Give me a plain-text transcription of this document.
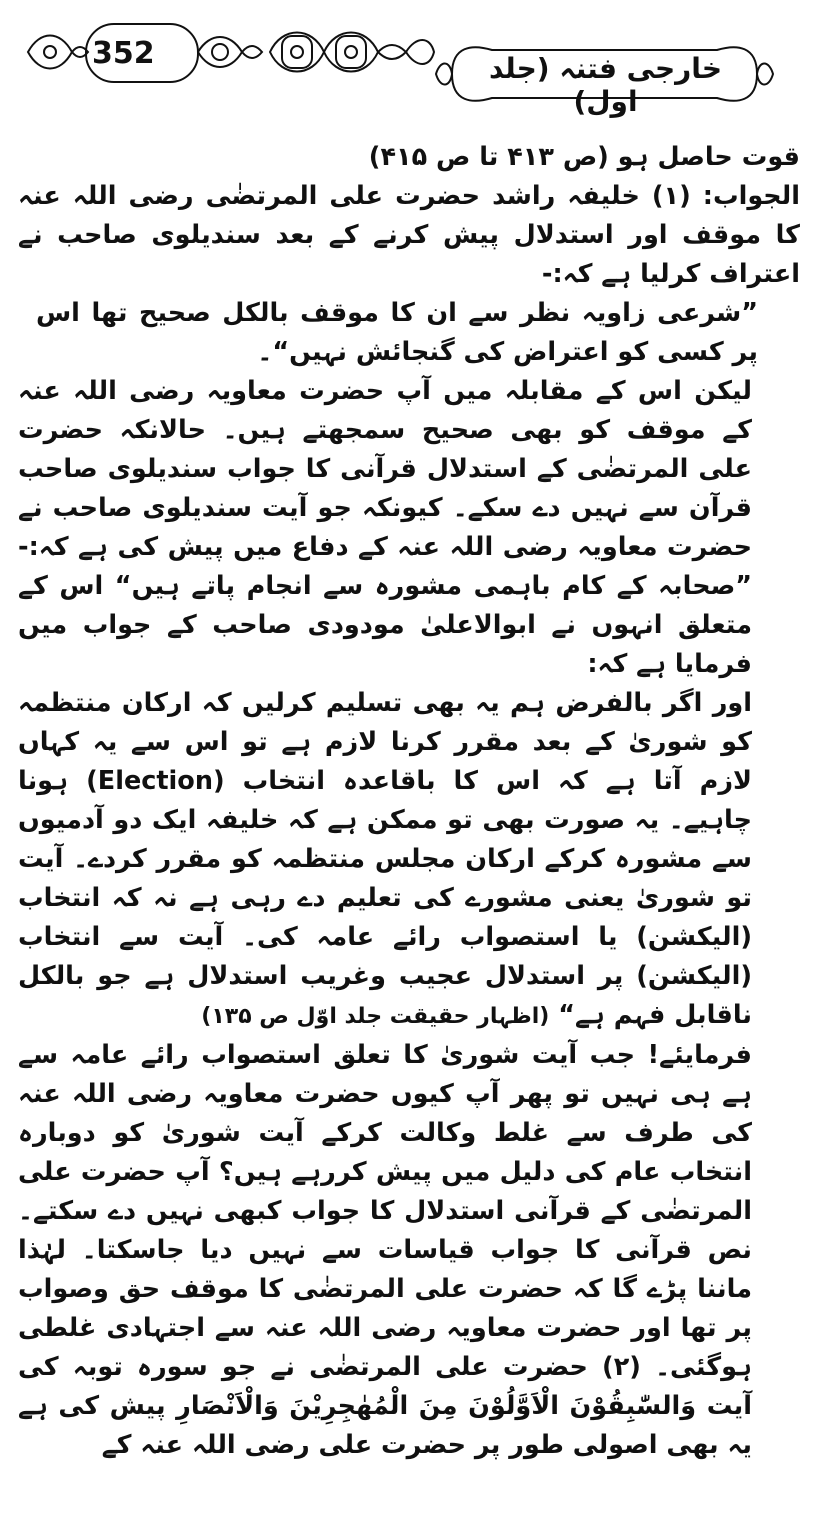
352	خارجی فتنہ (جلد اول)

قوت حاصل ہو (ص ۴۱۳ تا ص ۴۱۵)

الجواب: (۱) خلیفہ راشد حضرت علی المرتضٰی رضی اللہ عنہ کا موقف اور استدلال پیش کرنے کے بعد سندیلوی صاحب نے اعتراف کرلیا ہے کہ:-

”شرعی زاویہ نظر سے ان کا موقف بالکل صحیح تھا اس پر کسی کو اعتراض کی گنجائش نہیں“۔

لیکن اس کے مقابلہ میں آپ حضرت معاویہ رضی اللہ عنہ کے موقف کو بھی صحیح سمجھتے ہیں۔ حالانکہ حضرت علی المرتضٰی کے استدلال قرآنی کا جواب سندیلوی صاحب قرآن سے نہیں دے سکے۔ کیونکہ جو آیت سندیلوی صاحب نے حضرت معاویہ رضی اللہ عنہ کے دفاع میں پیش کی ہے کہ:- ”صحابہ کے کام باہمی مشورہ سے انجام پاتے ہیں“ اس کے متعلق انہوں نے ابوالاعلیٰ مودودی صاحب کے جواب میں فرمایا ہے کہ:

اور اگر بالفرض ہم یہ بھی تسلیم کرلیں کہ ارکان منتظمہ کو شوریٰ کے بعد مقرر کرنا لازم ہے تو اس سے یہ کہاں لازم آتا ہے کہ اس کا باقاعدہ انتخاب (Election) ہونا چاہیے۔ یہ صورت بھی تو ممکن ہے کہ خلیفہ ایک دو آدمیوں سے مشورہ کرکے ارکان مجلس منتظمہ کو مقرر کردے۔ آیت تو شوریٰ یعنی مشورے کی تعلیم دے رہی ہے نہ کہ انتخاب (الیکشن) یا استصواب رائے عامہ کی۔ آیت سے انتخاب (الیکشن) پر استدلال عجیب وغریب استدلال ہے جو بالکل ناقابل فہم ہے“ (اظہار حقیقت جلد اوّل ص ۱۳۵)

فرمایئے! جب آیت شوریٰ کا تعلق استصواب رائے عامہ سے ہے ہی نہیں تو پھر آپ کیوں حضرت معاویہ رضی اللہ عنہ کی طرف سے غلط وکالت کرکے آیت شوریٰ کو دوبارہ انتخاب عام کی دلیل میں پیش کررہے ہیں؟ آپ حضرت علی المرتضٰی کے قرآنی استدلال کا جواب کبھی نہیں دے سکتے۔ نص قرآنی کا جواب قیاسات سے نہیں دیا جاسکتا۔ لہٰذا ماننا پڑے گا کہ حضرت علی المرتضٰی کا موقف حق وصواب پر تھا اور حضرت معاویہ رضی اللہ عنہ سے اجتہادی غلطی ہوگئی۔ (۲) حضرت علی المرتضٰی نے جو سورہ توبہ کی آیت وَالسّٰبِقُوْنَ الْاَوَّلُوْنَ مِنَ الْمُهٰجِرِيْنَ وَالْاَنْصَارِ پیش کی ہے یہ بھی اصولی طور پر حضرت علی رضی اللہ عنہ کے
